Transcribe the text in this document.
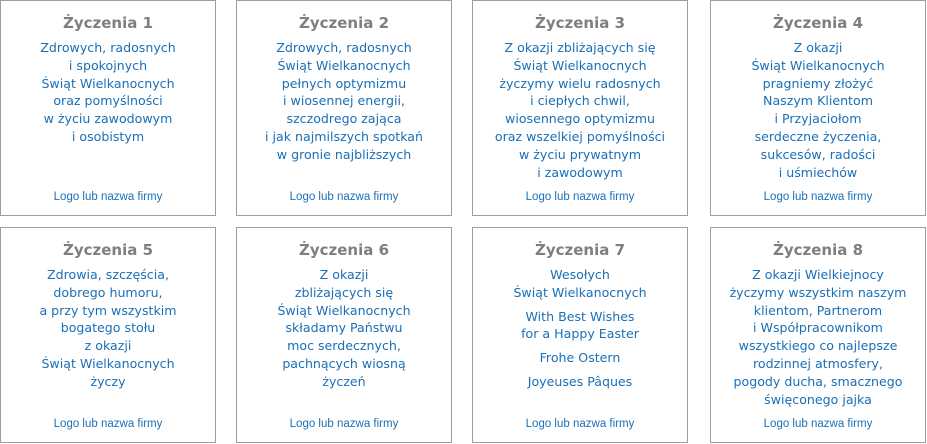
Życzenia 1
Zdrowych, radosnych
i spokojnych
Świąt Wielkanocnych
oraz pomyślności
w życiu zawodowym
i osobistym
Logo lub nazwa firmy
Życzenia 2
Zdrowych, radosnych
Świąt Wielkanocnych
pełnych optymizmu
i wiosennej energii,
szczodrego zająca
i jak najmilszych spotkań
w gronie najbliższych
Logo lub nazwa firmy
Życzenia 3
Z okazji zbliżających się
Świąt Wielkanocnych
życzymy wielu radosnych
i ciepłych chwil,
wiosennego optymizmu
oraz wszelkiej pomyślności
w życiu prywatnym
i zawodowym
Logo lub nazwa firmy
Życzenia 4
Z okazji
Świąt Wielkanocnych
pragniemy złożyć
Naszym Klientom
i Przyjaciołom
serdeczne życzenia,
sukcesów, radości
i uśmiechów
Logo lub nazwa firmy
Życzenia 5
Zdrowia, szczęścia,
dobrego humoru,
a przy tym wszystkim
bogatego stołu
z okazji
Świąt Wielkanocnych
życzy
Logo lub nazwa firmy
Życzenia 6
Z okazji
zbliżających się
Świąt Wielkanocnych
składamy Państwu
moc serdecznych,
pachnących wiosną
życzeń
Logo lub nazwa firmy
Życzenia 7
Wesołych
Świąt Wielkanocnych
With Best Wishes
for a Happy Easter
Frohe Ostern
Joyeuses Pâques
Logo lub nazwa firmy
Życzenia 8
Z okazji Wielkiejnocy
życzymy wszystkim naszym
klientom, Partnerom
i Współpracownikom
wszystkiego co najlepsze
rodzinnej atmosfery,
pogody ducha, smacznego
święconego jajka
Logo lub nazwa firmy
